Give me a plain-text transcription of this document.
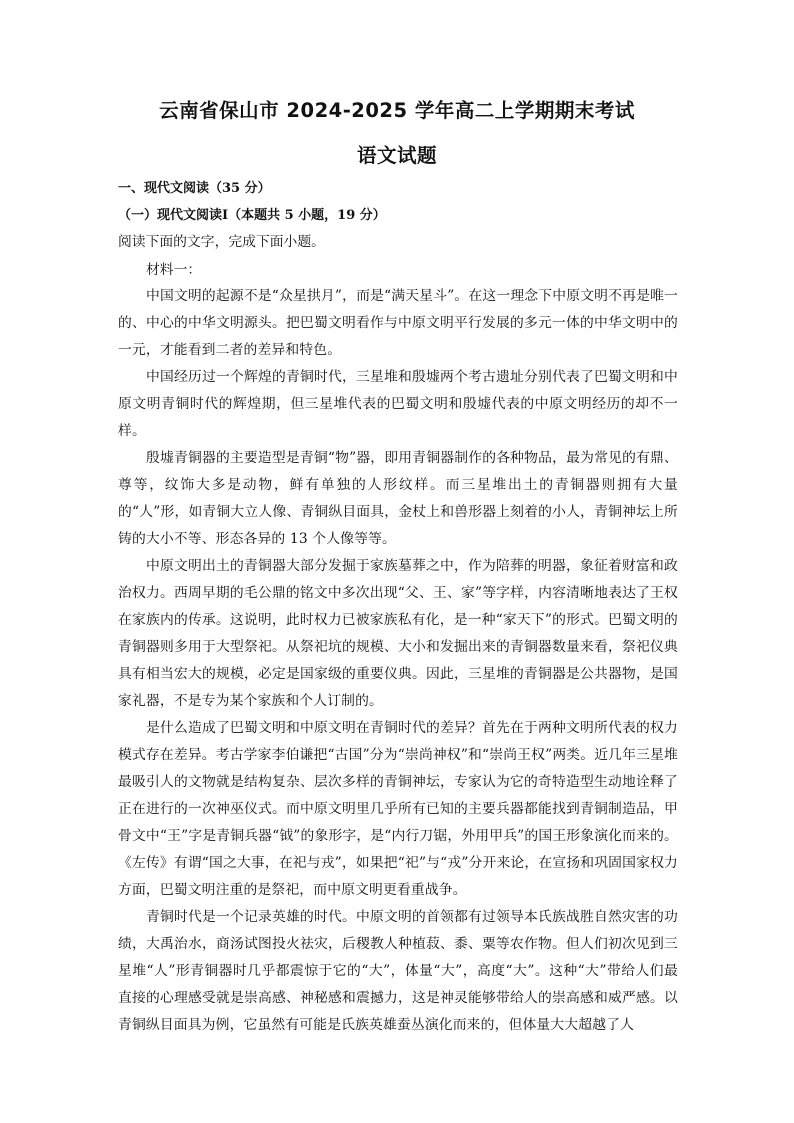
云南省保山市 2024-2025 学年高二上学期期末考试
语文试题
一、现代文阅读（35 分）
（一）现代文阅读Ⅰ（本题共 5 小题，19 分）
阅读下面的文字，完成下面小题。
材料一：

中国文明的起源不是“众星拱月”，而是“满天星斗”。在这一理念下中原文明不再是唯一的、中心的中华文明源头。把巴蜀文明看作与中原文明平行发展的多元一体的中华文明中的一元，才能看到二者的差异和特色。

中国经历过一个辉煌的青铜时代，三星堆和殷墟两个考古遗址分别代表了巴蜀文明和中原文明青铜时代的辉煌期，但三星堆代表的巴蜀文明和殷墟代表的中原文明经历的却不一样。

殷墟青铜器的主要造型是青铜“物”器，即用青铜器制作的各种物品，最为常见的有鼎、尊等，纹饰大多是动物，鲜有单独的人形纹样。而三星堆出土的青铜器则拥有大量的“人”形，如青铜大立人像、青铜纵目面具，金杖上和兽形器上刻着的小人，青铜神坛上所铸的大小不等、形态各异的 13 个人像等等。

中原文明出土的青铜器大部分发掘于家族墓葬之中，作为陪葬的明器，象征着财富和政治权力。西周早期的毛公鼎的铭文中多次出现“父、王、家”等字样，内容清晰地表达了王权在家族内的传承。这说明，此时权力已被家族私有化，是一种“家天下”的形式。巴蜀文明的青铜器则多用于大型祭祀。从祭祀坑的规模、大小和发掘出来的青铜器数量来看，祭祀仪典具有相当宏大的规模，必定是国家级的重要仪典。因此，三星堆的青铜器是公共器物，是国家礼器，不是专为某个家族和个人订制的。

是什么造成了巴蜀文明和中原文明在青铜时代的差异？首先在于两种文明所代表的权力模式存在差异。考古学家李伯谦把“古国”分为“崇尚神权”和“崇尚王权”两类。近几年三星堆最吸引人的文物就是结构复杂、层次多样的青铜神坛，专家认为它的奇特造型生动地诠释了正在进行的一次神巫仪式。而中原文明里几乎所有已知的主要兵器都能找到青铜制造品，甲骨文中“王”字是青铜兵器“钺”的象形字，是“内行刀锯，外用甲兵”的国王形象演化而来的。《左传》有谓“国之大事，在祀与戎”，如果把“祀”与“戎”分开来论，在宣扬和巩固国家权力方面，巴蜀文明注重的是祭祀，而中原文明更看重战争。

青铜时代是一个记录英雄的时代。中原文明的首领都有过领导本氏族战胜自然灾害的功绩，大禹治水，商汤试图投火祛灾，后稷教人种植菽、黍、粟等农作物。但人们初次见到三星堆“人”形青铜器时几乎都震惊于它的“大”，体量“大”，高度“大”。这种“大”带给人们最直接的心理感受就是崇高感、神秘感和震撼力，这是神灵能够带给人的崇高感和威严感。以青铜纵目面具为例，它虽然有可能是氏族英雄蚕丛演化而来的，但体量大大超越了人
